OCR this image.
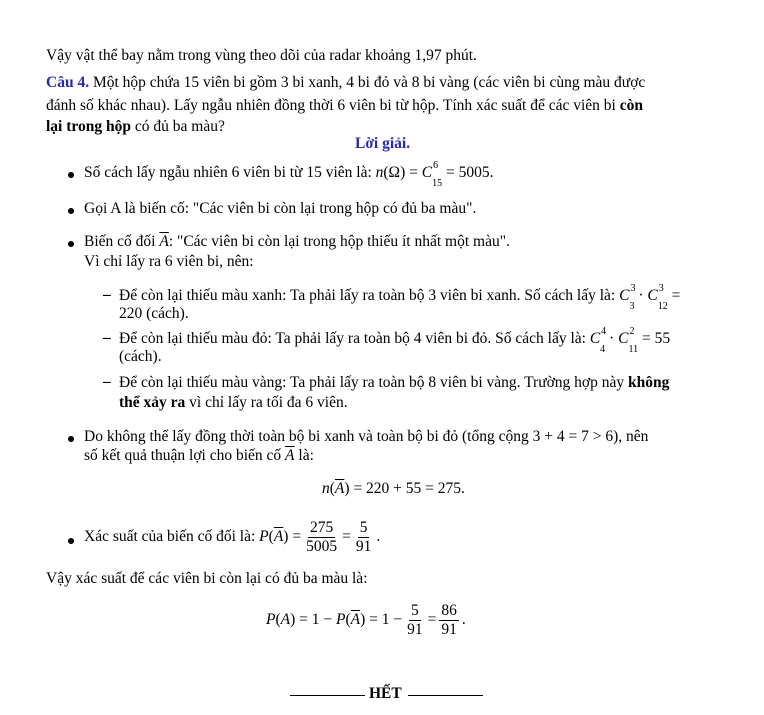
Vậy vật thể bay nằm trong vùng theo dõi của radar khoảng 1,97 phút.
Câu 4. Một hộp chứa 15 viên bi gồm 3 bi xanh, 4 bi đỏ và 8 bi vàng (các viên bi cùng màu được
đánh số khác nhau). Lấy ngẫu nhiên đồng thời 6 viên bi từ hộp. Tính xác suất để các viên bi còn
lại trong hộp có đủ ba màu?
Lời giải.
Số cách lấy ngẫu nhiên 6 viên bi từ 15 viên là: n(Ω) = C 6
$_{15}$ = 5005.
Gọi A là biến cố: "Các viên bi còn lại trong hộp có đủ ba màu".
Biến cố đối $\overline{A}$: "Các viên bi còn lại trong hộp thiếu ít nhất một màu".
Vì chỉ lấy ra 6 viên bi, nên:
– Để còn lại thiếu màu xanh: Ta phải lấy ra toàn bộ 3 viên bi xanh. Số cách lấy là: C 3
$_3$ · C 3
$_{12}$ =
220 (cách).
– Để còn lại thiếu màu đỏ: Ta phải lấy ra toàn bộ 4 viên bi đỏ. Số cách lấy là: C 4
$_4$ · C 2
$_{11}$ = 55
(cách).
– Để còn lại thiếu màu vàng: Ta phải lấy ra toàn bộ 8 viên bi vàng. Trường hợp này không
thể xảy ra vì chỉ lấy ra tối đa 6 viên.
Do không thể lấy đồng thời toàn bộ bi xanh và toàn bộ bi đỏ (tổng cộng 3 + 4 = 7 > 6), nên
số kết quả thuận lợi cho biến cố $\overline{A}$ là:
$n(\overline{A}) = 220 + 55 = 275$.
Xác suất của biến cố đối là:
P ( $\overline{A}$ ) = $\frac{275}{5005} = \frac{5}{91}$ .
Vậy xác suất để các viên bi còn lại có đủ ba màu là:
P ( A ) = 1 −
P ( $\overline{A}$ ) = $1 - \frac{5}{91} = \frac{86}{91}$ .
HẾT
